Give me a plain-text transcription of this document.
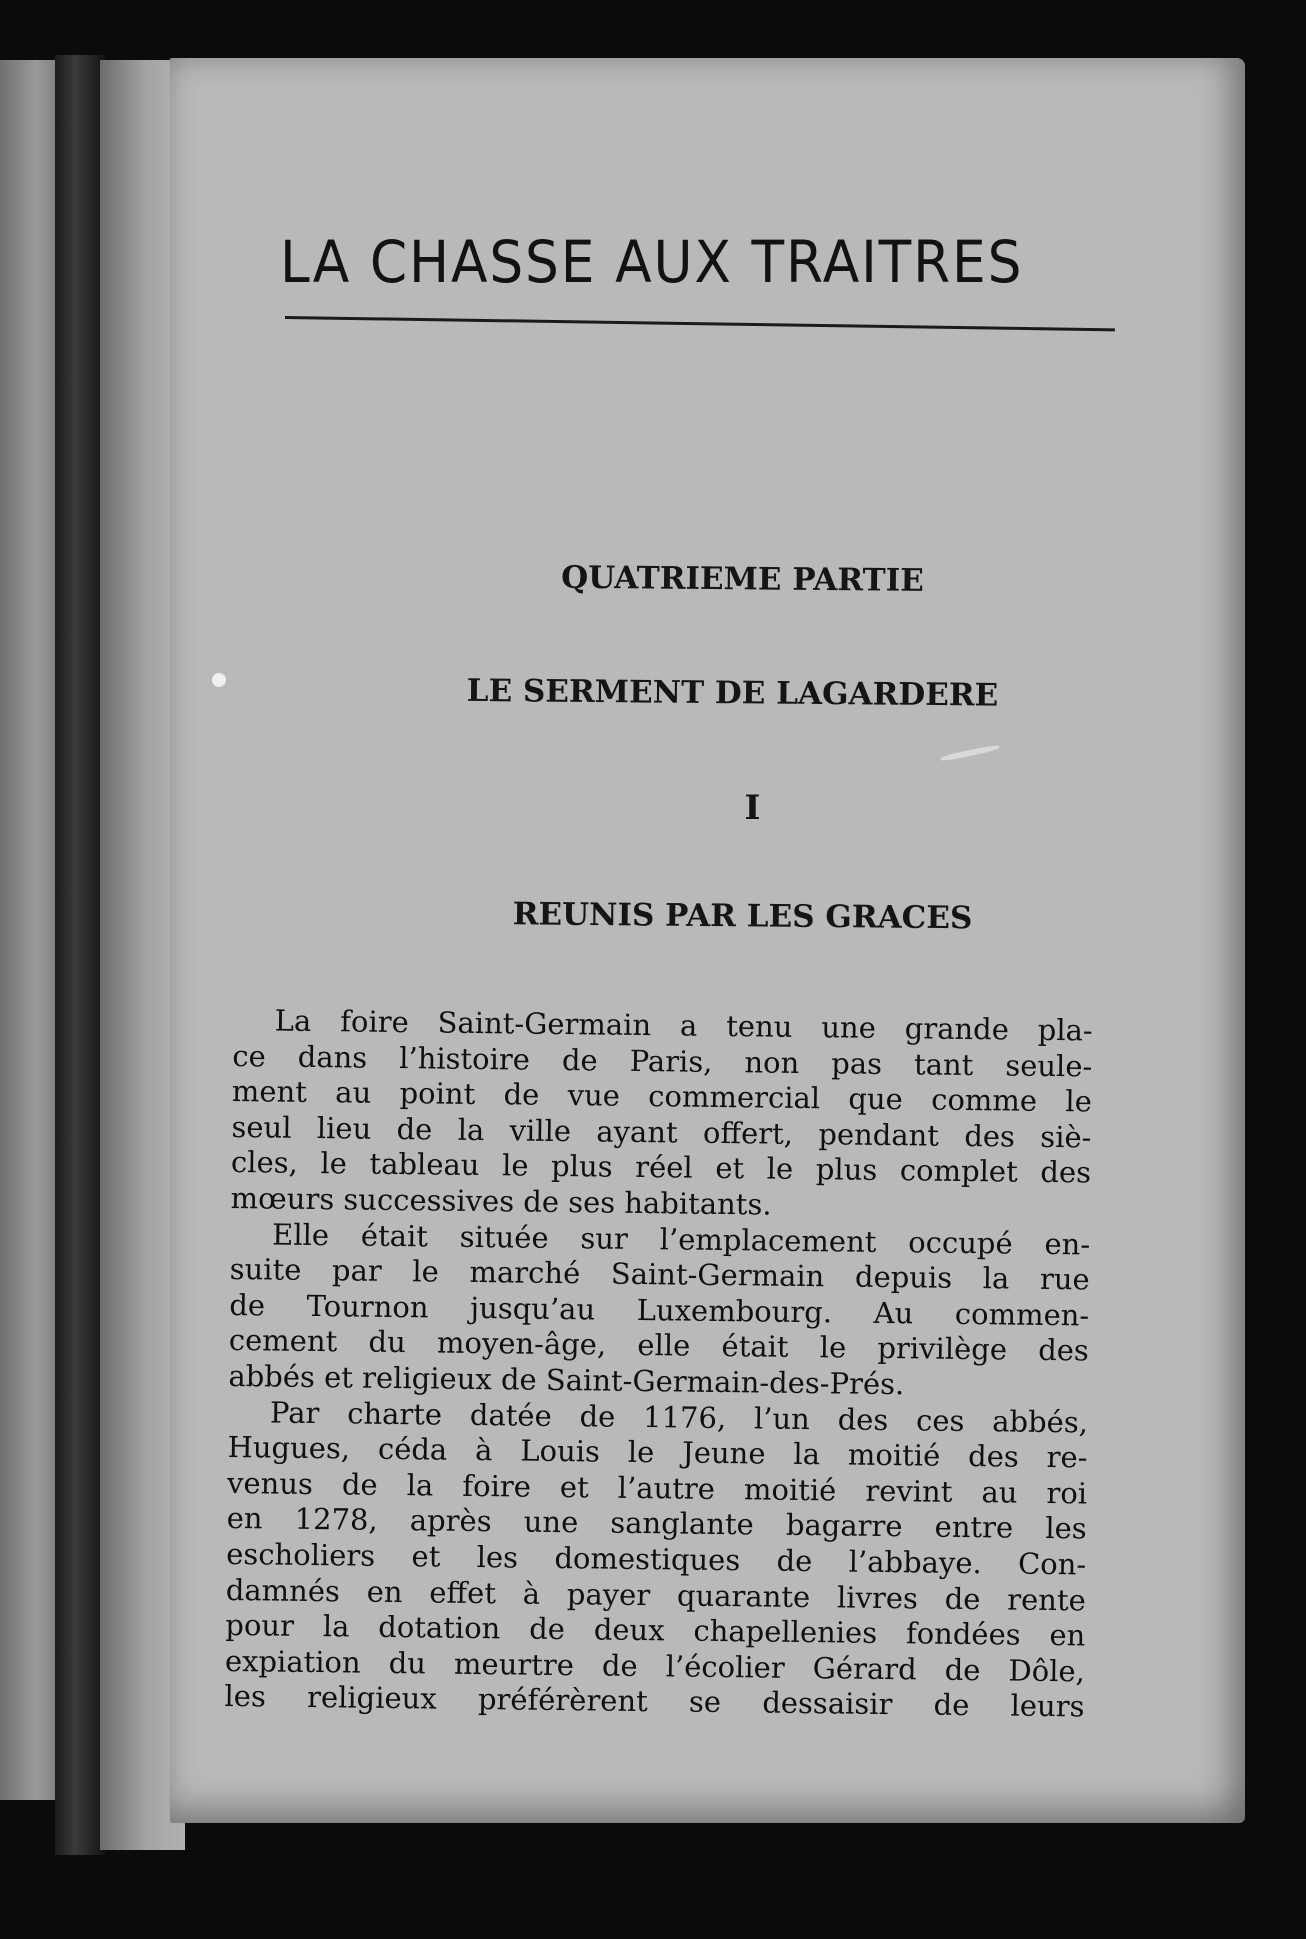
LA CHASSE AUX TRAITRES
QUATRIEME PARTIE
LE SERMENT DE LAGARDERE
I
REUNIS PAR LES GRACES
La foire Saint-Germain a tenu une grande pla-
ce dans l’histoire de Paris, non pas tant seule-
ment au point de vue commercial que comme le
seul lieu de la ville ayant offert, pendant des siè-
cles, le tableau le plus réel et le plus complet des
mœurs successives de ses habitants.
Elle était située sur l’emplacement occupé en-
suite par le marché Saint-Germain depuis la rue
de Tournon jusqu’au Luxembourg. Au commen-
cement du moyen-âge, elle était le privilège des
abbés et religieux de Saint-Germain-des-Prés.
Par charte datée de 1176, l’un des ces abbés,
Hugues, céda à Louis le Jeune la moitié des re-
venus de la foire et l’autre moitié revint au roi
en 1278, après une sanglante bagarre entre les
escholiers et les domestiques de l’abbaye. Con-
damnés en effet à payer quarante livres de rente
pour la dotation de deux chapellenies fondées en
expiation du meurtre de l’écolier Gérard de Dôle,
les religieux préférèrent se dessaisir de leurs
